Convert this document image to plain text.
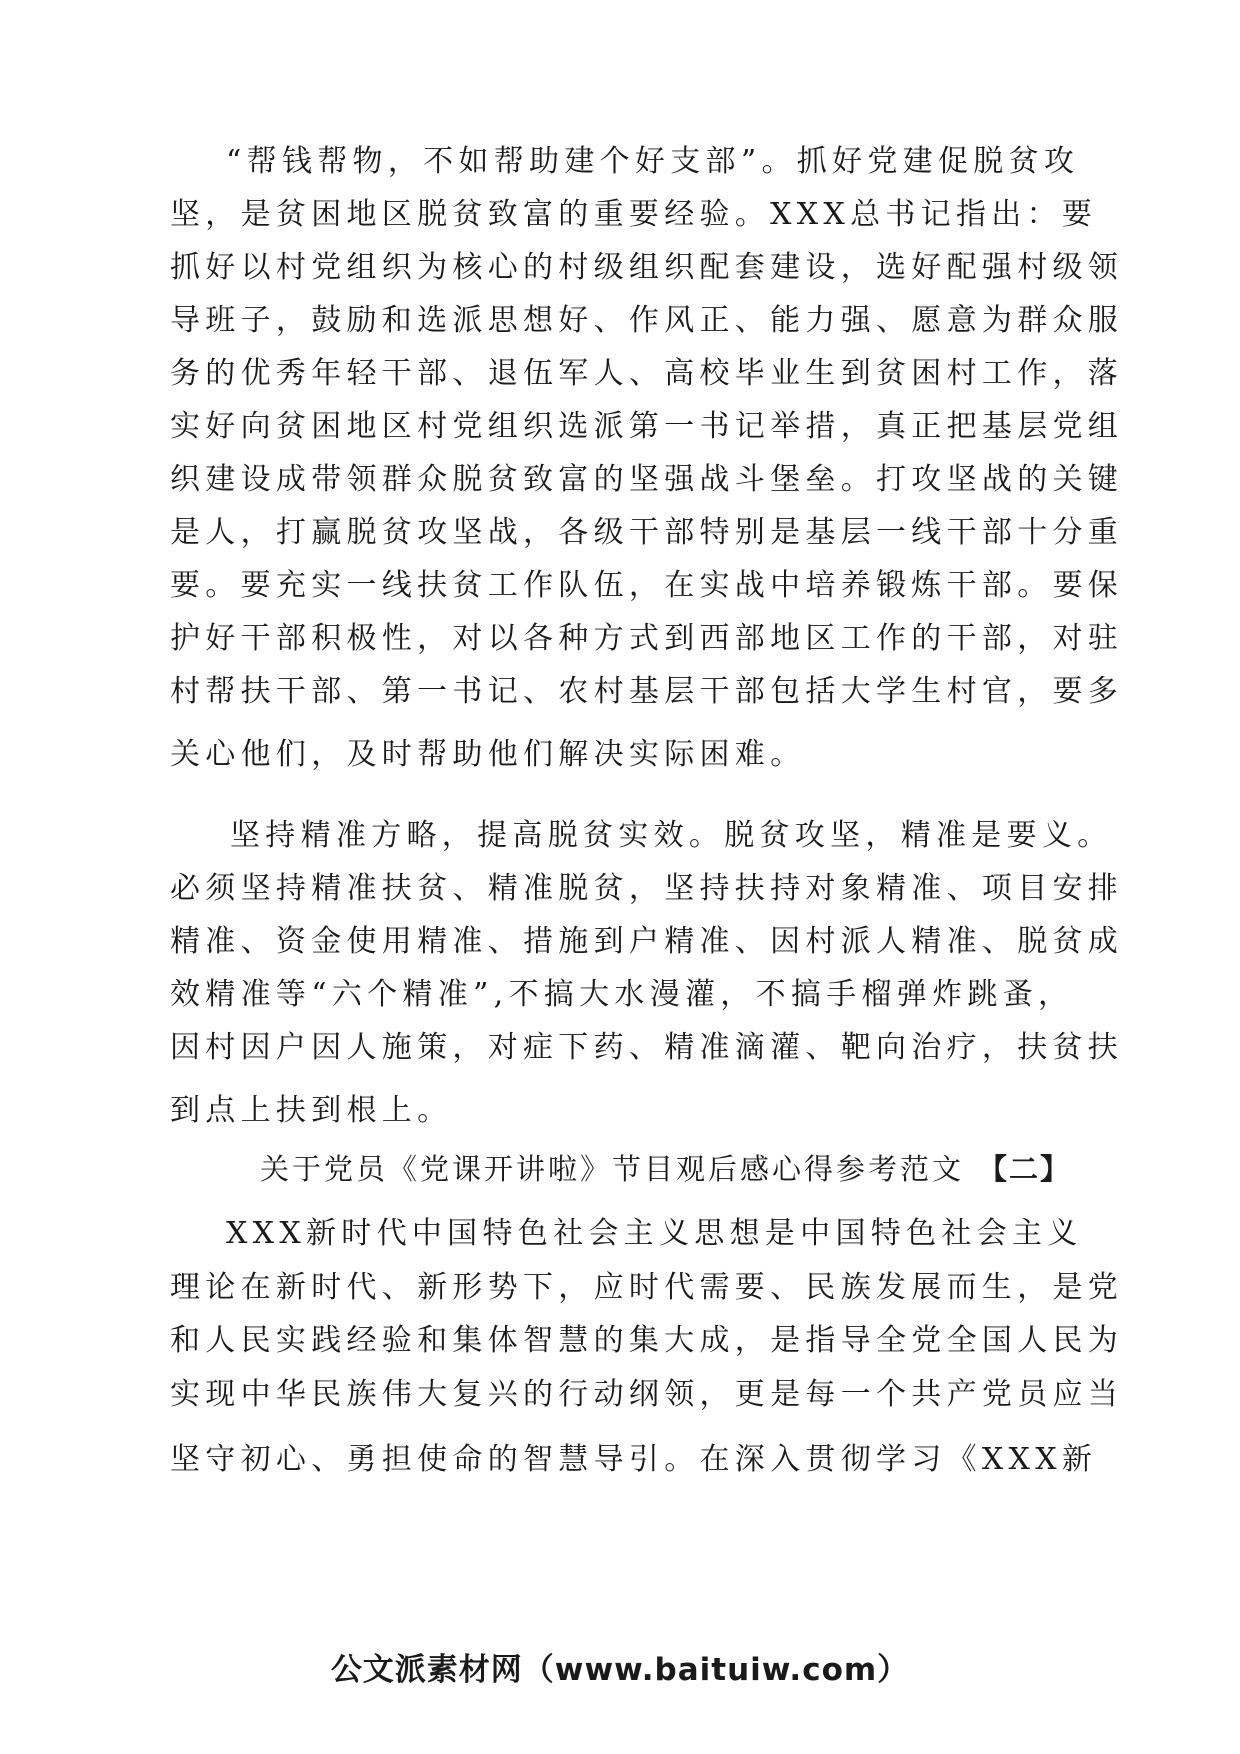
“帮钱帮物，不如帮助建个好支部”。抓好党建促脱贫攻
坚，是贫困地区脱贫致富的重要经验。XXX总书记指出：要
抓好以村党组织为核心的村级组织配套建设，选好配强村级领
导班子，鼓励和选派思想好、作风正、能力强、愿意为群众服
务的优秀年轻干部、退伍军人、高校毕业生到贫困村工作，落
实好向贫困地区村党组织选派第一书记举措，真正把基层党组
织建设成带领群众脱贫致富的坚强战斗堡垒。打攻坚战的关键
是人，打赢脱贫攻坚战，各级干部特别是基层一线干部十分重
要。要充实一线扶贫工作队伍，在实战中培养锻炼干部。要保
护好干部积极性，对以各种方式到西部地区工作的干部，对驻
村帮扶干部、第一书记、农村基层干部包括大学生村官，要多
关心他们，及时帮助他们解决实际困难。
坚持精准方略，提高脱贫实效。脱贫攻坚，精准是要义。
必须坚持精准扶贫、精准脱贫，坚持扶持对象精准、项目安排
精准、资金使用精准、措施到户精准、因村派人精准、脱贫成
效精准等“六个精准”,不搞大水漫灌，不搞手榴弹炸跳蚤，
因村因户因人施策，对症下药、精准滴灌、靶向治疗，扶贫扶
到点上扶到根上。
关于党员《党课开讲啦》节目观后感心得参考范文 【二】
XXX新时代中国特色社会主义思想是中国特色社会主义
理论在新时代、新形势下，应时代需要、民族发展而生，是党
和人民实践经验和集体智慧的集大成，是指导全党全国人民为
实现中华民族伟大复兴的行动纲领，更是每一个共产党员应当
坚守初心、勇担使命的智慧导引。在深入贯彻学习《XXX新
公文派素材网（www.baituiw.com）
